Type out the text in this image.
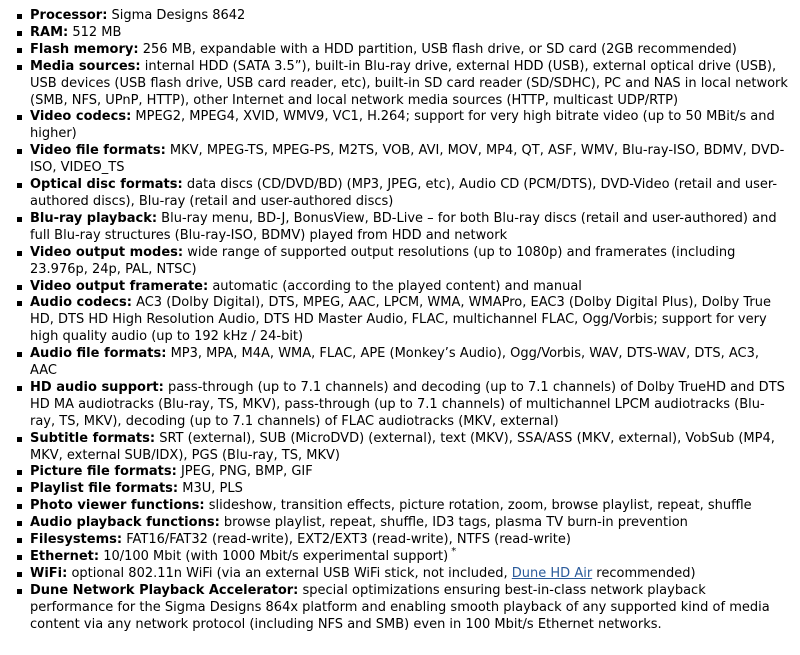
Processor: Sigma Designs 8642
RAM: 512 MB
Flash memory: 256 MB, expandable with a HDD partition, USB flash drive, or SD card (2GB recommended)
Media sources: internal HDD (SATA 3.5”), built-in Blu-ray drive, external HDD (USB), external optical drive (USB), USB devices (USB flash drive, USB card reader, etc), built-in SD card reader (SD/SDHC), PC and NAS in local network (SMB, NFS, UPnP, HTTP), other Internet and local network media sources (HTTP, multicast UDP/RTP)
Video codecs: MPEG2, MPEG4, XVID, WMV9, VC1, H.264; support for very high bitrate video (up to 50 MBit/s and higher)
Video file formats: MKV, MPEG-TS, MPEG-PS, M2TS, VOB, AVI, MOV, MP4, QT, ASF, WMV, Blu-ray-ISO, BDMV, DVD-ISO, VIDEO_TS
Optical disc formats: data discs (CD/DVD/BD) (MP3, JPEG, etc), Audio CD (PCM/DTS), DVD-Video (retail and user-authored discs), Blu-ray (retail and user-authored discs)
Blu-ray playback: Blu-ray menu, BD-J, BonusView, BD-Live – for both Blu-ray discs (retail and user-authored) and full Blu-ray structures (Blu-ray-ISO, BDMV) played from HDD and network
Video output modes: wide range of supported output resolutions (up to 1080p) and framerates (including 23.976p, 24p, PAL, NTSC)
Video output framerate: automatic (according to the played content) and manual
Audio codecs: AC3 (Dolby Digital), DTS, MPEG, AAC, LPCM, WMA, WMAPro, EAC3 (Dolby Digital Plus), Dolby True HD, DTS HD High Resolution Audio, DTS HD Master Audio, FLAC, multichannel FLAC, Ogg/Vorbis; support for very high quality audio (up to 192 kHz / 24-bit)
Audio file formats: MP3, MPA, M4A, WMA, FLAC, APE (Monkey’s Audio), Ogg/Vorbis, WAV, DTS-WAV, DTS, AC3, AAC
HD audio support: pass-through (up to 7.1 channels) and decoding (up to 7.1 channels) of Dolby TrueHD and DTS HD MA audiotracks (Blu-ray, TS, MKV), pass-through (up to 7.1 channels) of multichannel LPCM audiotracks (Blu-ray, TS, MKV), decoding (up to 7.1 channels) of FLAC audiotracks (MKV, external)
Subtitle formats: SRT (external), SUB (MicroDVD) (external), text (MKV), SSA/ASS (MKV, external), VobSub (MP4, MKV, external SUB/IDX), PGS (Blu-ray, TS, MKV)
Picture file formats: JPEG, PNG, BMP, GIF
Playlist file formats: M3U, PLS
Photo viewer functions: slideshow, transition effects, picture rotation, zoom, browse playlist, repeat, shuffle
Audio playback functions: browse playlist, repeat, shuffle, ID3 tags, plasma TV burn-in prevention
Filesystems: FAT16/FAT32 (read-write), EXT2/EXT3 (read-write), NTFS (read-write)
Ethernet: 10/100 Mbit (with 1000 Mbit/s experimental support) *
WiFi: optional 802.11n WiFi (via an external USB WiFi stick, not included, Dune HD Air recommended)
Dune Network Playback Accelerator: special optimizations ensuring best-in-class network playback performance for the Sigma Designs 864x platform and enabling smooth playback of any supported kind of media content via any network protocol (including NFS and SMB) even in 100 Mbit/s Ethernet networks.
